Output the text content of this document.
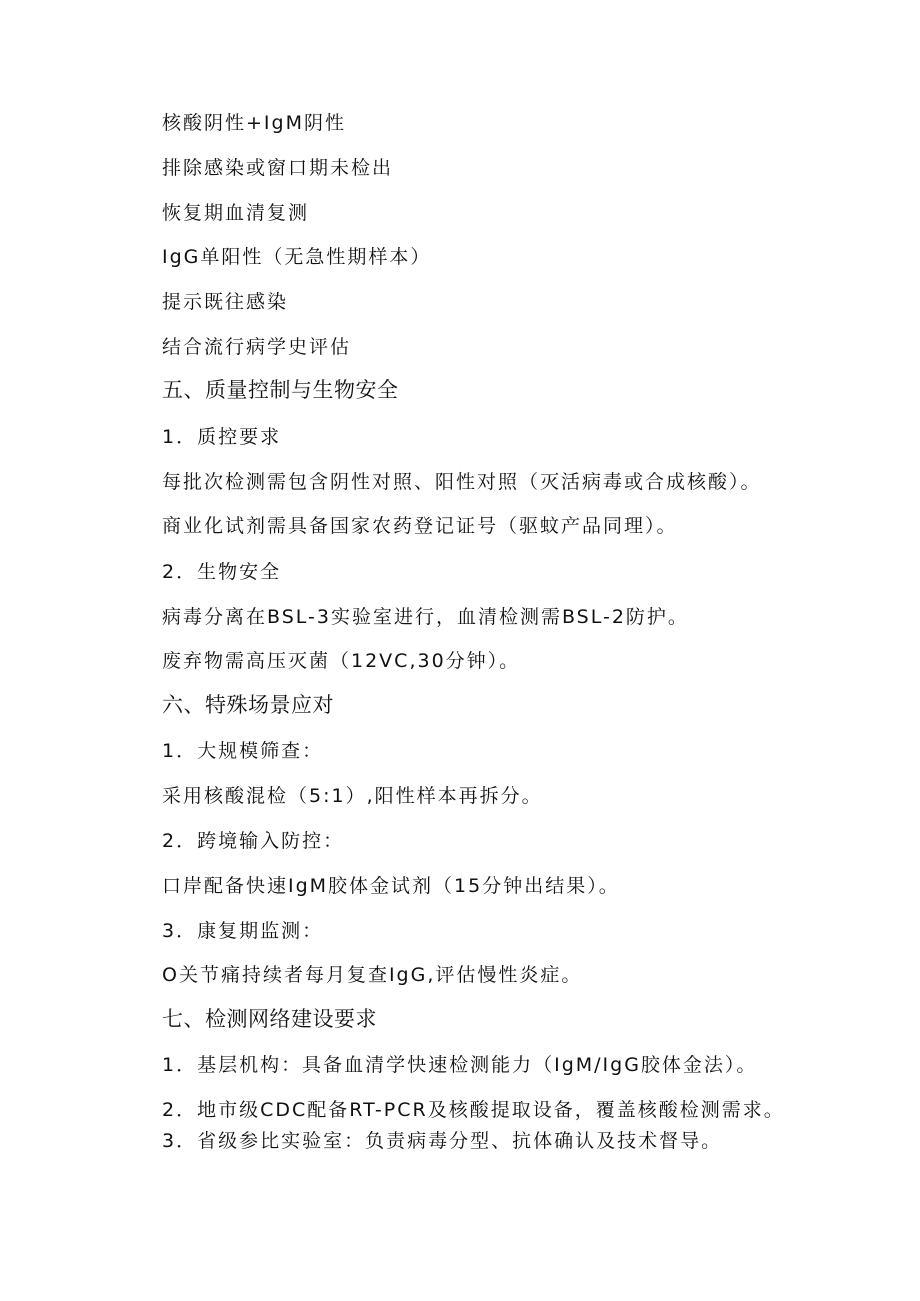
核酸阴性+IgM阴性
排除感染或窗口期未检出
恢复期血清复测
IgG单阳性（无急性期样本）
提示既往感染
结合流行病学史评估
五、质量控制与生物安全
1．质控要求
每批次检测需包含阴性对照、阳性对照（灭活病毒或合成核酸）。
商业化试剂需具备国家农药登记证号（驱蚊产品同理）。
2．生物安全
病毒分离在BSL-3实验室进行，血清检测需BSL-2防护。
废弃物需高压灭菌（12VC,30分钟）。
六、特殊场景应对
1．大规模筛查：
采用核酸混检（5:1）,阳性样本再拆分。
2．跨境输入防控：
口岸配备快速IgM胶体金试剂（15分钟出结果）。
3．康复期监测：
O关节痛持续者每月复查IgG,评估慢性炎症。
七、检测网络建设要求
1．基层机构：具备血清学快速检测能力（IgM/IgG胶体金法）。
2．地市级CDC配备RT-PCR及核酸提取设备，覆盖核酸检测需求。
3．省级参比实验室：负责病毒分型、抗体确认及技术督导。
